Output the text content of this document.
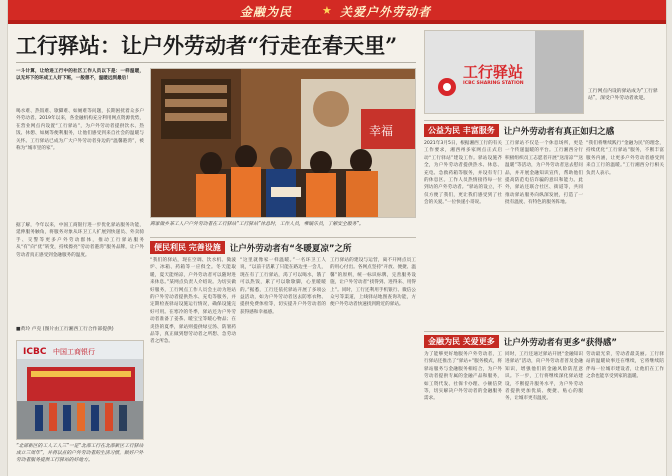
金融为民	★ 关爱户外劳动者
工行驿站：让户外劳动者“行走在春天里”
一斗计算，让给进工行中的社区工作人员以下是：一样温暖，以无坏下的环成工人好下班，一般想不，温暖远到最后！
喝水难、热饭难、歇脚难、如厕难等问题，长期困扰着众多户外劳动者。2019年以来，各金融机构充分利用网点资源优势，在营业网点内设置“工行驿站”，为户外劳动者提供饮水、热饭、休憩、如厕等便利服务，让他们感受到来自社会的温暖与关怀。工行驿站已成为广大户外劳动者身边的“温馨港湾”，被称为“城市里的家”。
据了解，今年以来，中国工商银行进一步优化驿站服务功能，延伸服务触角，将服务对象从环卫工人扩展到快递员、外卖骑手、交警等更多户外劳动群体，推动工行驿站服务从“有”向“优”转变，持续擦亮“劳动者港湾”服务品牌，让户外劳动者真正感受到金融服务的温度。
■黄玲 卢克 (图片由工行湘西工行合作部提供)
幸福
商家做乡茶工人户户外劳动者在工行驿站“工行驿站”休息时，工作人员，乘暖乐员，了解安全服务”。
便民利民 完善设施	让户外劳动者有“冬暖夏凉”之所
“我们的驿站，现在空调、饮水机、微波炉、冰箱、药箱等一应俱全。冬天能取暖，夏天能纳凉，户外劳动者可以随时进来休息。”某网点负责人介绍说。为切实做好服务，工行网点工作人员会主动为进站的户外劳动者提供热水、充电等服务，并定期检查驿站设施运行情况，确保设施完好可用。在寒冷的冬季，驿站还为户外劳动者准备了姜茶、暖宝宝等暖心物品；在炎热的夏季，驿站则提供绿豆汤、防暑药品等，真正做到想劳动者之所想、急劳动者之所急。
“这里就像家一样温暖。”一名环卫工人说，“以前干活累了只能在路边坐一会儿，现在有了工行驿站，渴了可以喝水，饿了可以热饭，累了可以歇歇脚，心里暖暖的。”据悉，工行还依托驿站开展了多项公益活动，如为户外劳动者送去防寒衣物、提供免费体检等，切实提升户外劳动者的获得感和幸福感。
工行驿站的建设与运营，离不开网点员工的用心付出。各网点坚持“开放、便捷、温馨”的原则，统一标识标牌，完善服务设施，让户外劳动者“找得到、进得来、用得上”。同时，工行还利用手机银行、微信公众号等渠道，上线驿站地图查询功能，方便户外劳动者快速找到附近的驿站。
ICBC 中国工商银行
“北部新区的工人工人三”一是“北部工行在北部新区工行驿站成立三周年”，并将以点的户外劳动者的生活习惯，做好户外劳动者服务提供工行驿站的好地方。
工行驿站
ICBC SHARING STATION
工行网点内设的驿站成为“工行驿站”，深受户外劳动者欢迎。
公益为民 丰富服务	让户外劳动者有真正如归之感
2021年3月5日，根据湘西工行的有关工作要求，湘西州多家网点正式启动“工行驿站”建设工作。驿站设施齐全，为户外劳动者提供热水、休息、充电、急救药箱等服务，并设有专门的休息区。工作人员热情接待每一位到访的户外劳动者。“驿站的设立，不仅方便了我们，更让我们感受到了社会的关爱。”一位快递小哥说。
工行驿站不仅是一个休息场所，更是一个传递温暖的平台。工行湘西分行积极组织员工志愿者开展“送清凉”“送温暖”等活动，为户外劳动者送去慰问品，并开展金融知识宣传，帮助他们提高防范电信诈骗的意识和能力。此外，驿站还联合社区、街道等，共同推动驿站服务向纵深发展，打造了一批有温度、有特色的服务阵地。
“我们将继续践行“金融为民”的理念，持续优化“工行驿站”服务，不断丰富服务内涵，让更多户外劳动者感受到来自工行的温暖。”工行湘西分行相关负责人表示。
金融为民 关爱更多	让户外劳动者有更多“获得感”
为了能够更好地服务户外劳动者，工行驿站还推出了“驿站+”服务模式，将驿站服务与金融服务相结合，为户外劳动者提供专属的金融产品和服务，如工资代发、社保卡办理、小额信贷等，切实解决户外劳动者的金融服务需求。
同时，工行还通过驿站开展“金融知识进驿站”活动，向户外劳动者普及金融知识，增强他们的金融风险防范意识。下一步，工行将继续深化驿站建设，不断提升服务水平，为户外劳动者提供更加优质、便捷、贴心的服务，让城市更有温度。
劳动最光荣，劳动者最美丽。工行驿站的温暖故事还在继续，它将继续陪伴每一位城市建设者，让他们在工作之余也能享受到家的温暖。
